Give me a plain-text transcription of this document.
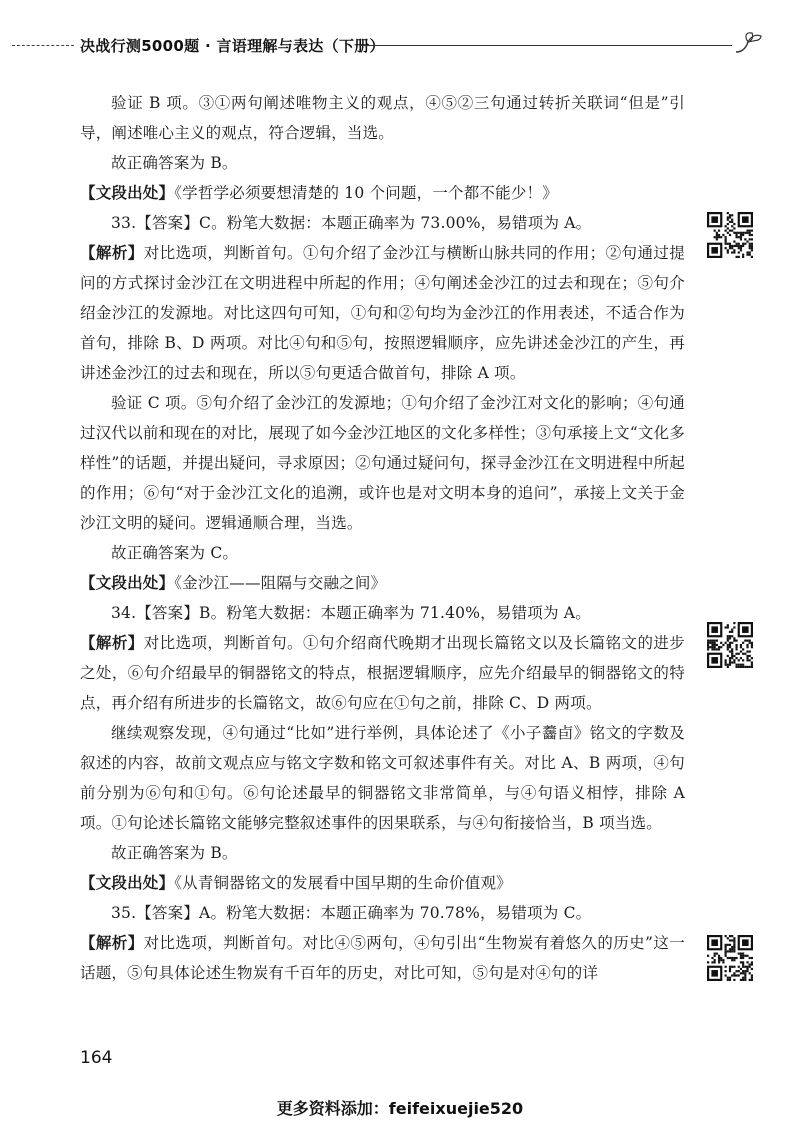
决战行测5000题 · 言语理解与表达（下册）

验证 B 项。③①两句阐述唯物主义的观点，④⑤②三句通过转折关联词“但是”引导，阐述唯心主义的观点，符合逻辑，当选。

故正确答案为 B。

【文段出处】《学哲学必须要想清楚的 10 个问题，一个都不能少！》

33.【答案】C。粉笔大数据：本题正确率为 73.00%，易错项为 A。

【解析】对比选项，判断首句。①句介绍了金沙江与横断山脉共同的作用；②句通过提问的方式探讨金沙江在文明进程中所起的作用；④句阐述金沙江的过去和现在；⑤句介绍金沙江的发源地。对比这四句可知，①句和②句均为金沙江的作用表述，不适合作为首句，排除 B、D 两项。对比④句和⑤句，按照逻辑顺序，应先讲述金沙江的产生，再讲述金沙江的过去和现在，所以⑤句更适合做首句，排除 A 项。

验证 C 项。⑤句介绍了金沙江的发源地；①句介绍了金沙江对文化的影响；④句通过汉代以前和现在的对比，展现了如今金沙江地区的文化多样性；③句承接上文“文化多样性”的话题，并提出疑问，寻求原因；②句通过疑问句，探寻金沙江在文明进程中所起的作用；⑥句“对于金沙江文化的追溯，或许也是对文明本身的追问”，承接上文关于金沙江文明的疑问。逻辑通顺合理，当选。

故正确答案为 C。

【文段出处】《金沙江——阻隔与交融之间》

34.【答案】B。粉笔大数据：本题正确率为 71.40%，易错项为 A。

【解析】对比选项，判断首句。①句介绍商代晚期才出现长篇铭文以及长篇铭文的进步之处，⑥句介绍最早的铜器铭文的特点，根据逻辑顺序，应先介绍最早的铜器铭文的特点，再介绍有所进步的长篇铭文，故⑥句应在①句之前，排除 C、D 两项。

继续观察发现，④句通过“比如”进行举例，具体论述了《小子齹卣》铭文的字数及叙述的内容，故前文观点应与铭文字数和铭文可叙述事件有关。对比 A、B 两项，④句前分别为⑥句和①句。⑥句论述最早的铜器铭文非常简单，与④句语义相悖，排除 A 项。①句论述长篇铭文能够完整叙述事件的因果联系，与④句衔接恰当，B 项当选。

故正确答案为 B。

【文段出处】《从青铜器铭文的发展看中国早期的生命价值观》

35.【答案】A。粉笔大数据：本题正确率为 70.78%，易错项为 C。

【解析】对比选项，判断首句。对比④⑤两句，④句引出“生物炭有着悠久的历史”这一话题，⑤句具体论述生物炭有千百年的历史，对比可知，⑤句是对④句的详

164
更多资料添加：feifeixuejie520
